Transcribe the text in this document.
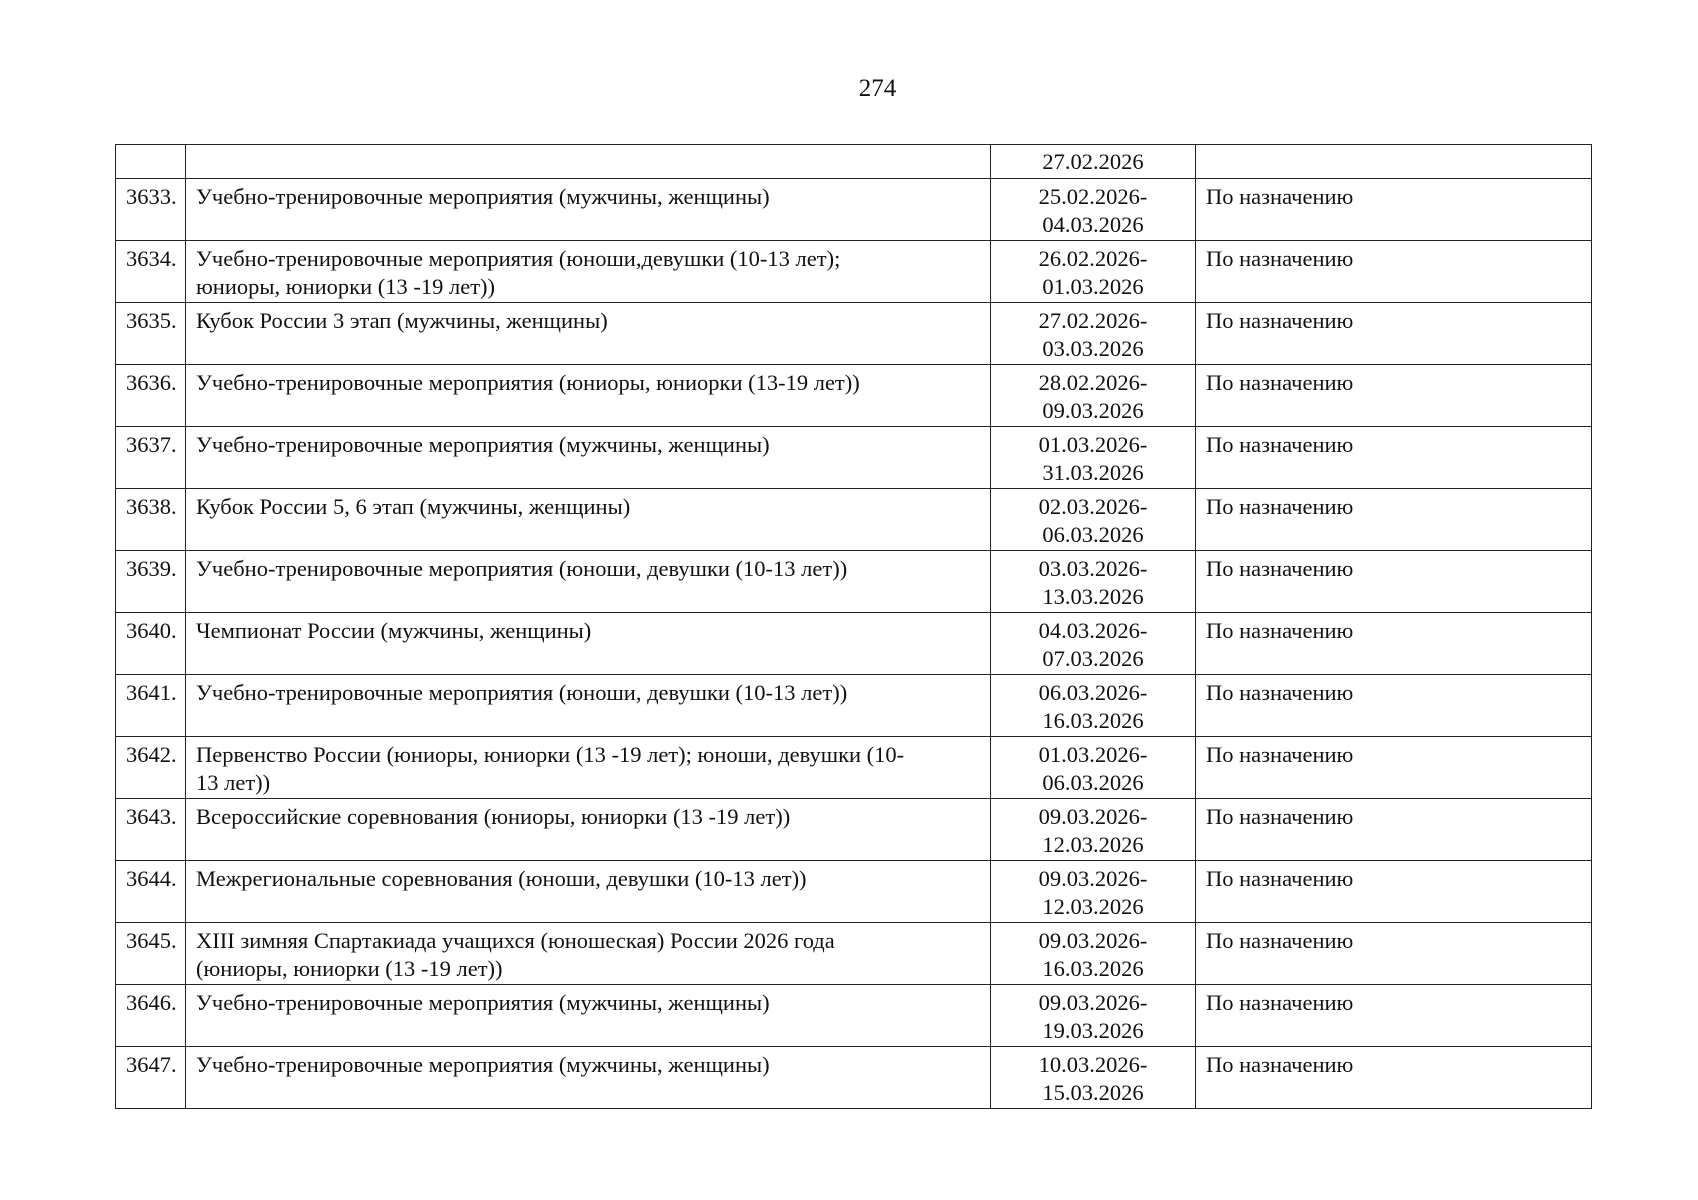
274
		27.02.2026	
3633.	Учебно-тренировочные мероприятия (мужчины, женщины)	25.02.2026-
04.03.2026	По назначению
3634.	Учебно-тренировочные мероприятия (юноши,девушки (10-13 лет);
юниоры, юниорки (13 -19 лет))	26.02.2026-
01.03.2026	По назначению
3635.	Кубок России 3 этап (мужчины, женщины)	27.02.2026-
03.03.2026	По назначению
3636.	Учебно-тренировочные мероприятия (юниоры, юниорки (13-19 лет))	28.02.2026-
09.03.2026	По назначению
3637.	Учебно-тренировочные мероприятия (мужчины, женщины)	01.03.2026-
31.03.2026	По назначению
3638.	Кубок России 5, 6 этап (мужчины, женщины)	02.03.2026-
06.03.2026	По назначению
3639.	Учебно-тренировочные мероприятия (юноши, девушки (10-13 лет))	03.03.2026-
13.03.2026	По назначению
3640.	Чемпионат России (мужчины, женщины)	04.03.2026-
07.03.2026	По назначению
3641.	Учебно-тренировочные мероприятия (юноши, девушки (10-13 лет))	06.03.2026-
16.03.2026	По назначению
3642.	Первенство России (юниоры, юниорки (13 -19 лет); юноши, девушки (10-
13 лет))	01.03.2026-
06.03.2026	По назначению
3643.	Всероссийские соревнования (юниоры, юниорки (13 -19 лет))	09.03.2026-
12.03.2026	По назначению
3644.	Межрегиональные соревнования (юноши, девушки (10-13 лет))	09.03.2026-
12.03.2026	По назначению
3645.	XIII зимняя Спартакиада учащихся (юношеская) России 2026 года
(юниоры, юниорки (13 -19 лет))	09.03.2026-
16.03.2026	По назначению
3646.	Учебно-тренировочные мероприятия (мужчины, женщины)	09.03.2026-
19.03.2026	По назначению
3647.	Учебно-тренировочные мероприятия (мужчины, женщины)	10.03.2026-
15.03.2026	По назначению
